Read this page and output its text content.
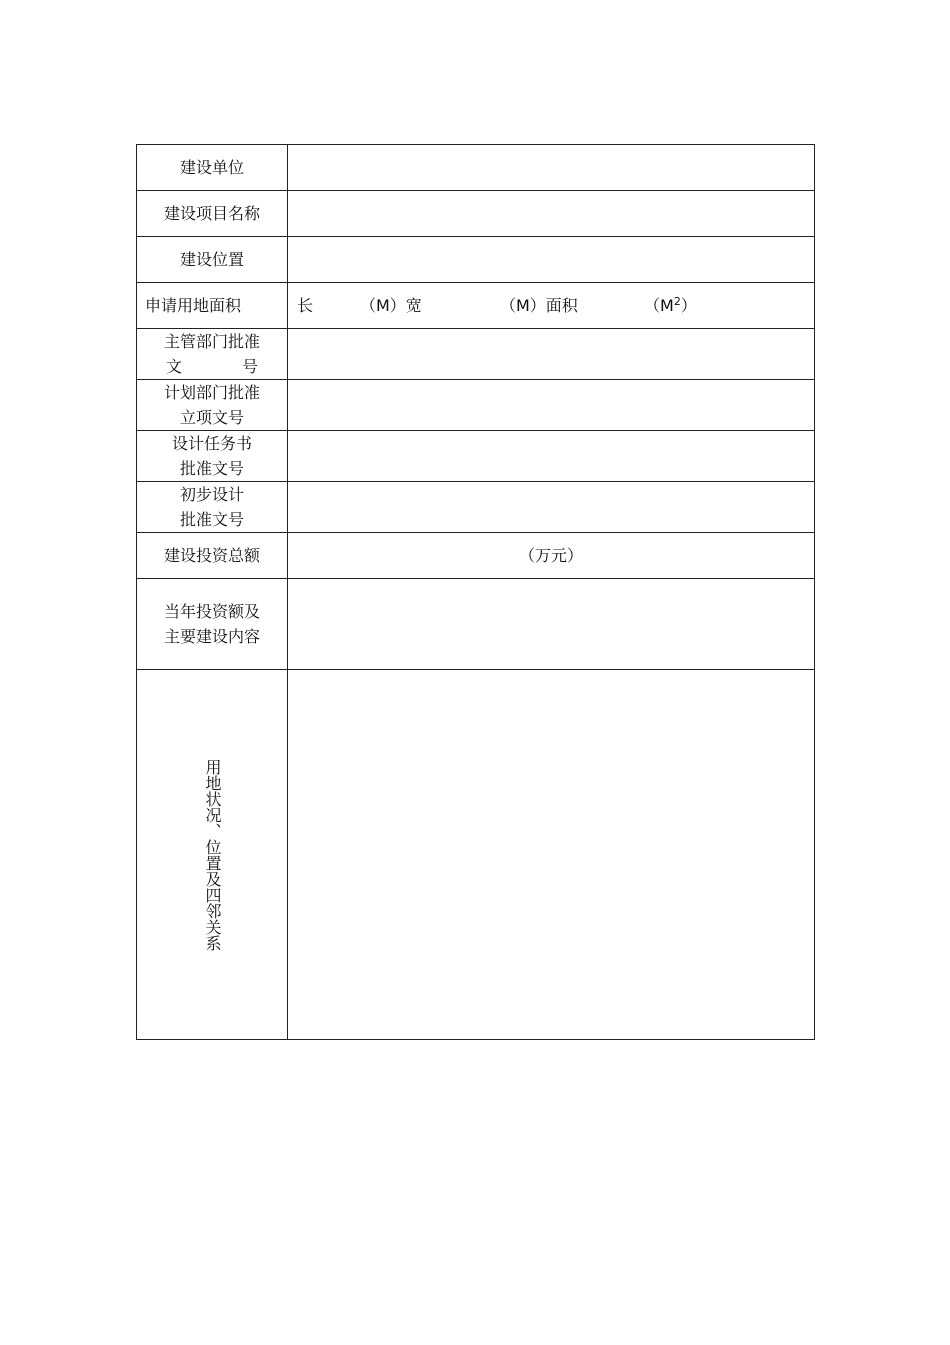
建设单位	
建设项目名称	
建设位置	
申请用地面积	长 （M）宽 （M）面积 $(M^2)$

主管部门批准
文　号	

计划部门批准
立项文号	

设计任务书
批准文号	

初步设计
批准文号	

建设投资总额	（万元）

当年投资额及
主要建设内容	

用地状况、位置及四邻关系	
